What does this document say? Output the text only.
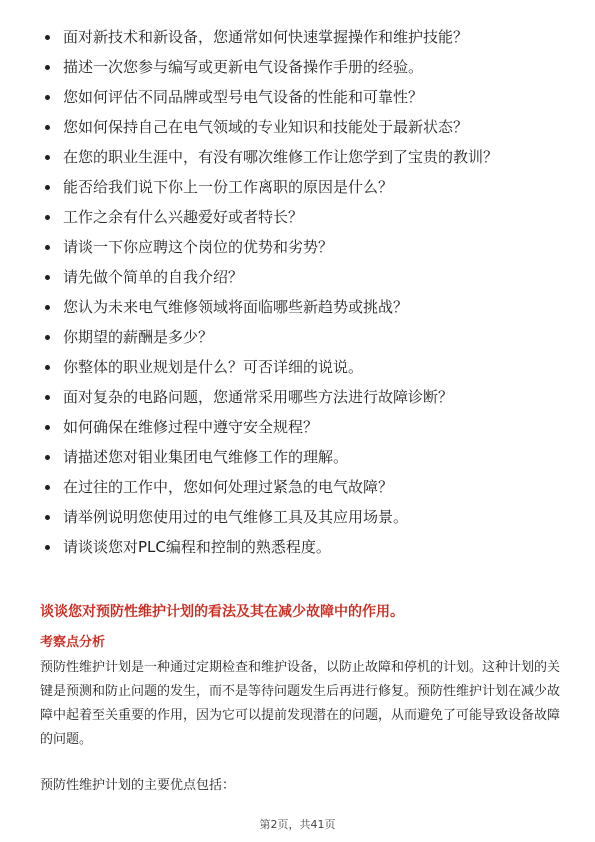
面对新技术和新设备，您通常如何快速掌握操作和维护技能？
描述一次您参与编写或更新电气设备操作手册的经验。
您如何评估不同品牌或型号电气设备的性能和可靠性？
您如何保持自己在电气领域的专业知识和技能处于最新状态？
在您的职业生涯中，有没有哪次维修工作让您学到了宝贵的教训？
能否给我们说下你上一份工作离职的原因是什么？
工作之余有什么兴趣爱好或者特长？
请谈一下你应聘这个岗位的优势和劣势？
请先做个简单的自我介绍？
您认为未来电气维修领域将面临哪些新趋势或挑战？
你期望的薪酬是多少？
你整体的职业规划是什么？可否详细的说说。
面对复杂的电路问题，您通常采用哪些方法进行故障诊断？
如何确保在维修过程中遵守安全规程？
请描述您对钼业集团电气维修工作的理解。
在过往的工作中，您如何处理过紧急的电气故障？
请举例说明您使用过的电气维修工具及其应用场景。
请谈谈您对PLC编程和控制的熟悉程度。
谈谈您对预防性维护计划的看法及其在减少故障中的作用。
考察点分析

预防性维护计划是一种通过定期检查和维护设备，以防止故障和停机的计划。这种计划的关键是预测和防止问题的发生，而不是等待问题发生后再进行修复。预防性维护计划在减少故障中起着至关重要的作用，因为它可以提前发现潜在的问题，从而避免了可能导致设备故障的问题。

预防性维护计划的主要优点包括：

第2页，共41页
